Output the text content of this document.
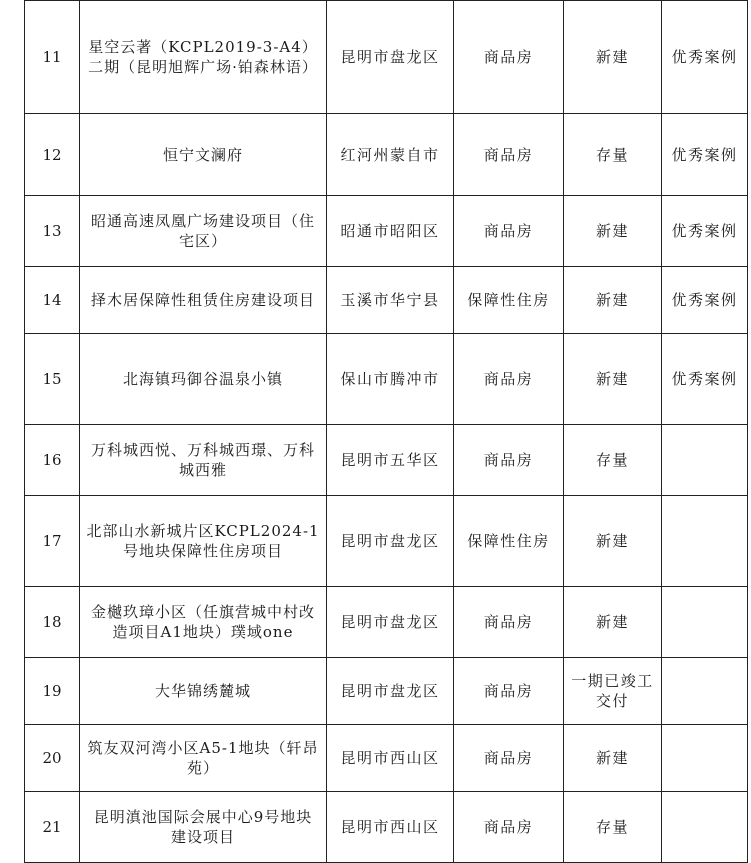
11	星空云著（KCPL2019-3-A4）二期（昆明旭辉广场·铂森林语）	昆明市盘龙区	商品房	新建	优秀案例
12	恒宁文澜府	红河州蒙自市	商品房	存量	优秀案例
13	昭通高速凤凰广场建设项目（住宅区）	昭通市昭阳区	商品房	新建	优秀案例
14	择木居保障性租赁住房建设项目	玉溪市华宁县	保障性住房	新建	优秀案例
15	北海镇玛御谷温泉小镇	保山市腾冲市	商品房	新建	优秀案例
16	万科城西悦、万科城西璟、万科城西雅	昆明市五华区	商品房	存量	
17	北部山水新城片区KCPL2024-1号地块保障性住房项目	昆明市盘龙区	保障性住房	新建	
18	金樾玖璋小区（任旗营城中村改造项目A1地块）璞域one	昆明市盘龙区	商品房	新建	
19	大华锦绣麓城	昆明市盘龙区	商品房	一期已竣工交付	
20	筑友双河湾小区A5-1地块（轩昂苑）	昆明市西山区	商品房	新建	
21	昆明滇池国际会展中心9号地块建设项目	昆明市西山区	商品房	存量	
